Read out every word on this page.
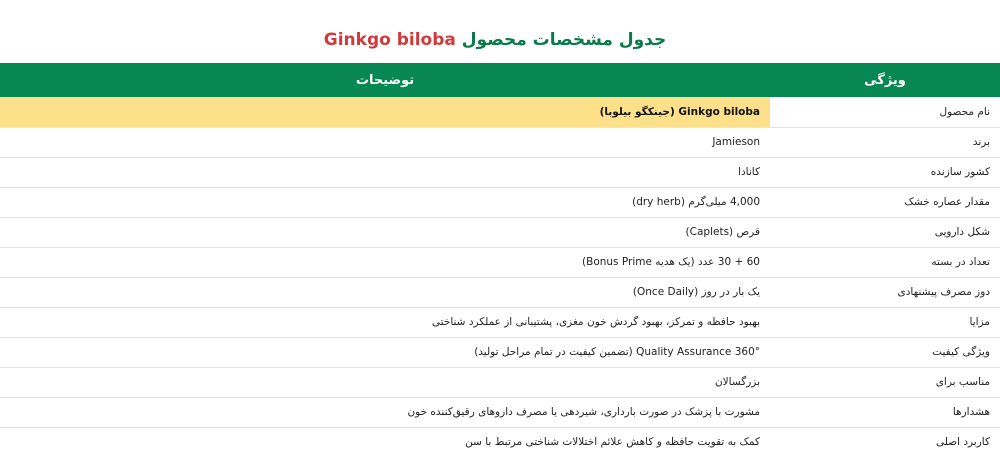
جدول مشخصات محصول Ginkgo biloba
ویژگی	توضیحات
نام محصول	Ginkgo biloba (جینکگو بیلوبا)
برند	Jamieson
کشور سازنده	کانادا
مقدار عصاره خشک	4,000 میلی‌گرم (dry herb)
شکل دارویی	قرص (Caplets)
تعداد در بسته	60 + 30 عدد (یک هدیه Bonus Prime)
دوز مصرف پیشنهادی	یک بار در روز (Once Daily)
مزایا	بهبود حافظه و تمرکز، بهبود گردش خون مغزی، پشتیبانی از عملکرد شناختی
ویژگی کیفیت	Quality Assurance 360° (تضمین کیفیت در تمام مراحل تولید)
مناسب برای	بزرگسالان
هشدارها	مشورت با پزشک در صورت بارداری، شیردهی یا مصرف داروهای رقیق‌کننده خون
کاربرد اصلی	کمک به تقویت حافظه و کاهش علائم اختلالات شناختی مرتبط با سن
